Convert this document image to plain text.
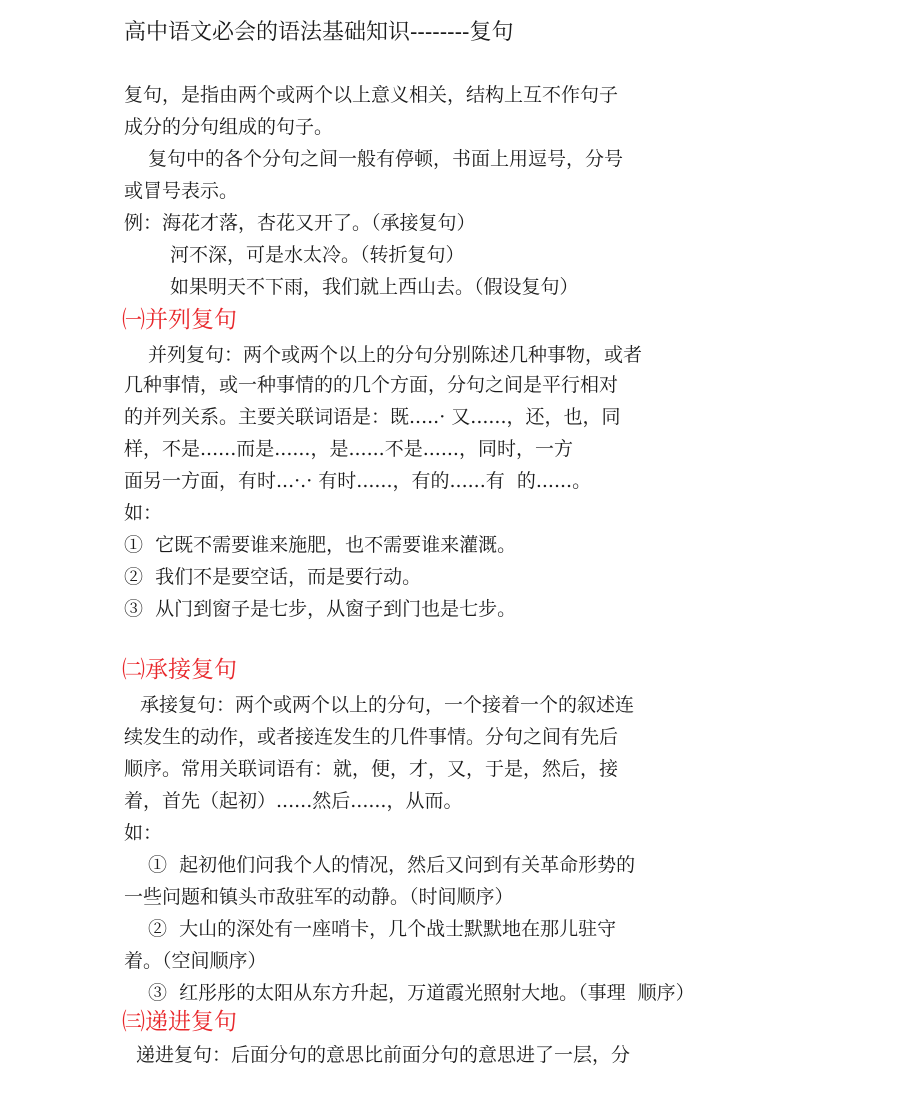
高中语文必会的语法基础知识--------复句
复句，是指由两个或两个以上意义相关，结构上互不作句子
成分的分句组成的句子。
复句中的各个分句之间一般有停顿，书面上用逗号，分号
或冒号表示。
例： 海花才落，杏花又开了。（承接复句）
河不深，可是水太冷。（转折复句）
如果明天不下雨，我们就上西山去。（假设复句）
㈠并列复句
并列复句：两个或两个以上的分句分别陈述几种事物，或者
几种事情，或一种事情的的几个方面，分句之间是平行相对
的并列关系。主要关联词语是：既.....· 又......，还，也，同
样，不是......而是......，是......不是......，同时，一方
面另一方面，有时...·.· 有时......，有的......有  的......。
如：
①  它既不需要谁来施肥，也不需要谁来灌溉。
②  我们不是要空话，而是要行动。
③  从门到窗子是七步，从窗子到门也是七步。
㈡承接复句
承接复句：两个或两个以上的分句，一个接着一个的叙述连
续发生的动作，或者接连发生的几件事情。分句之间有先后
顺序。常用关联词语有：就，便，才，又，于是，然后，接
着，首先（起初）......然后......，从而。
如：
①  起初他们问我个人的情况，然后又问到有关革命形势的
一些问题和镇头市敌驻军的动静。（时间顺序）
②  大山的深处有一座哨卡，几个战士默默地在那儿驻守
着。（空间顺序）
③  红彤彤的太阳从东方升起，万道霞光照射大地。（事理  顺序）
㈢递进复句
递进复句：后面分句的意思比前面分句的意思进了一层，分
